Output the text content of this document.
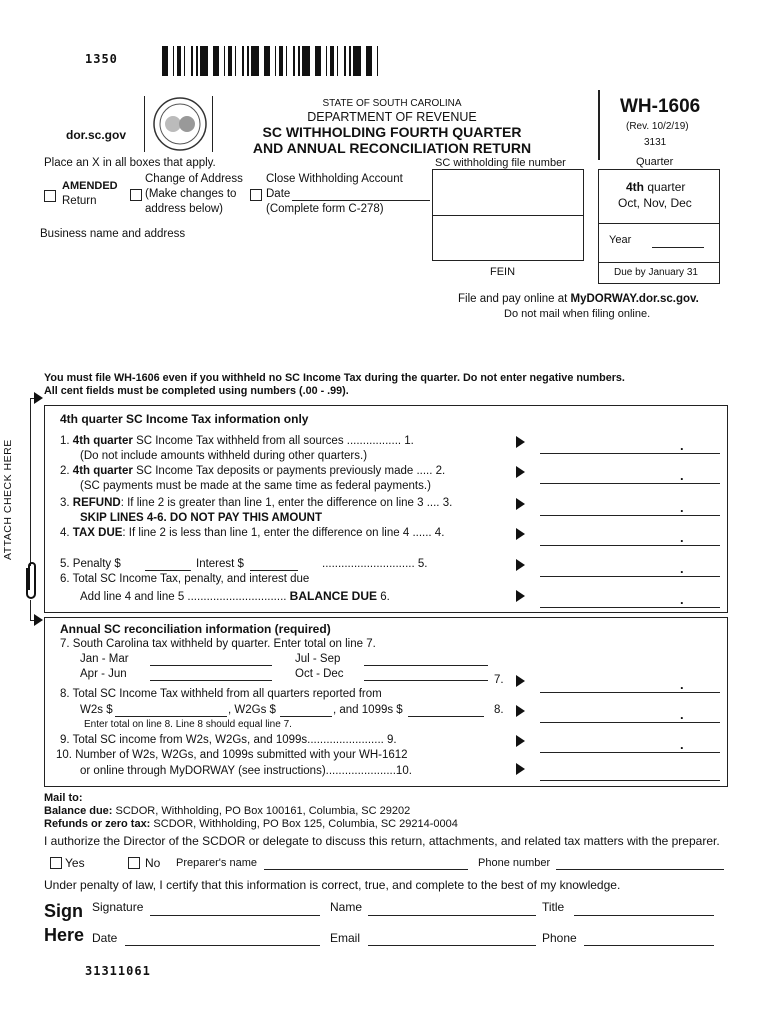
1350
dor.sc.gov
STATE OF SOUTH CAROLINA
DEPARTMENT OF REVENUE
SC WITHHOLDING FOURTH QUARTER
AND ANNUAL RECONCILIATION RETURN
WH-1606
(Rev. 10/2/19)
3131
Place an X in all boxes that apply.
AMENDED
Return
Change of Address
(Make changes to
address below)
Close Withholding Account
Date
(Complete form C-278)
SC withholding file number
FEIN
Quarter
4th quarter
Oct, Nov, Dec
Year
Due by January 31
Business name and address
File and pay online at MyDORWAY.dor.sc.gov.
Do not mail when filing online.
You must file WH-1606 even if you withheld no SC Income Tax during the quarter. Do not enter negative numbers.
All cent fields must be completed using numbers (.00 - .99).
ATTACH CHECK HERE
4th quarter SC Income Tax information only
1. 4th quarter SC Income Tax withheld from all sources ................. 1.
(Do not include amounts withheld during other quarters.)
2. 4th quarter SC Income Tax deposits or payments previously made ..... 2.
(SC payments must be made at the same time as federal payments.)
3. REFUND: If line 2 is greater than line 1, enter the difference on line 3 .... 3.
SKIP LINES 4-6. DO NOT PAY THIS AMOUNT
4. TAX DUE: If line 2 is less than line 1, enter the difference on line 4 ...... 4.
5. Penalty $	Interest $	............................. 5.
6. Total SC Income Tax, penalty, and interest due
Add line 4 and line 5 ............................... BALANCE DUE 6.
Annual SC reconciliation information (required)
7. South Carolina tax withheld by quarter. Enter total on line 7.
Jan - Mar	Jul - Sep
Apr - Jun	Oct - Dec	7.
8. Total SC Income Tax withheld from all quarters reported from
W2s $	, W2Gs $	, and 1099s $	8.
Enter total on line 8. Line 8 should equal line 7.
9. Total SC income from W2s, W2Gs, and 1099s........................ 9.
10. Number of W2s, W2Gs, and 1099s submitted with your WH-1612
or online through MyDORWAY (see instructions)......................10.
.
.
.
.
.
.
.
.
.
Mail to:
Balance due: SCDOR, Withholding, PO Box 100161, Columbia, SC 29202
Refunds or zero tax: SCDOR, Withholding, PO Box 125, Columbia, SC 29214-0004
I authorize the Director of the SCDOR or delegate to discuss this return, attachments, and related tax matters with the preparer.
Yes	No Preparer's name	Phone number
Under penalty of law, I certify that this information is correct, true, and complete to the best of my knowledge.
Sign
Here
Signature	Name	Title
Date	Email	Phone
31311061
